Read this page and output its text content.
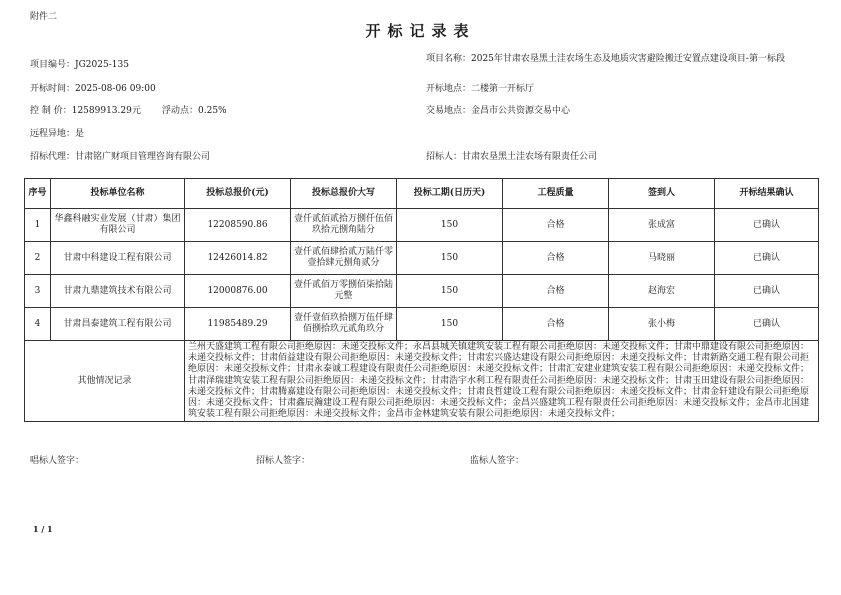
附件二
开标记录表
项目编号：JG2025-135
项目名称：2025年甘肃农垦黑土洼农场生态及地质灾害避险搬迁安置点建设项目-第一标段
开标时间：2025-08-06 09:00	开标地点：二楼第一开标厅
控 制 价：12589913.29元 浮动点：0.25%	交易地点：金昌市公共资源交易中心
远程异地：是
招标代理：甘肃铭广财项目管理咨询有限公司	招标人：甘肃农垦黑土洼农场有限责任公司
序号	投标单位名称	投标总报价(元)	投标总报价大写	投标工期(日历天)	工程质量	签到人	开标结果确认
1	华鑫科融实业发展（甘肃）集团有限公司	12208590.86	壹仟贰佰贰拾万捌仟伍佰玖拾元捌角陆分	150	合格	张成富	已确认
2	甘肃中科建设工程有限公司	12426014.82	壹仟贰佰肆拾贰万陆仟零壹拾肆元捌角贰分	150	合格	马晓丽	已确认
3	甘肃九鼎建筑技术有限公司	12000876.00	壹仟贰佰万零捌佰柒拾陆元整	150	合格	赵海宏	已确认
4	甘肃昌泰建筑工程有限公司	11985489.29	壹仟壹佰玖拾捌万伍仟肆佰捌拾玖元贰角玖分	150	合格	张小梅	已确认
其他情况记录		兰州天盛建筑工程有限公司拒绝原因：未递交投标文件；永昌县城关镇建筑安装工程有限公司拒绝原因：未递交投标文件；甘肃中鼎建设有限公司拒绝原因：未递交投标文件；甘肃佰益建设有限公司拒绝原因：未递交投标文件；甘肃宏兴盛达建设有限公司拒绝原因：未递交投标文件；甘肃新路交通工程有限公司拒绝原因：未递交投标文件；甘肃永泰诚工程建设有限责任公司拒绝原因：未递交投标文件；甘肃汇安建业建筑安装工程有限公司拒绝原因：未递交投标文件；甘肃泽瑞建筑安装工程有限公司拒绝原因：未递交投标文件；甘肃浩宇水利工程有限责任公司拒绝原因：未递交投标文件；甘肃玉田建设有限公司拒绝原因：未递交投标文件；甘肃腾嘉建设有限公司拒绝原因：未递交投标文件；甘肃良哲建设工程有限公司拒绝原因：未递交投标文件；甘肃金轩建设有限公司拒绝原因：未递交投标文件；甘肃鑫辰瀚建设工程有限公司拒绝原因：未递交投标文件；金昌兴盛建筑工程有限责任公司拒绝原因：未递交投标文件；金昌市北国建筑安装工程有限公司拒绝原因：未递交投标文件；金昌市金林建筑安装有限公司拒绝原因：未递交投标文件；					
唱标人签字：	招标人签字：	监标人签字：
1 / 1
